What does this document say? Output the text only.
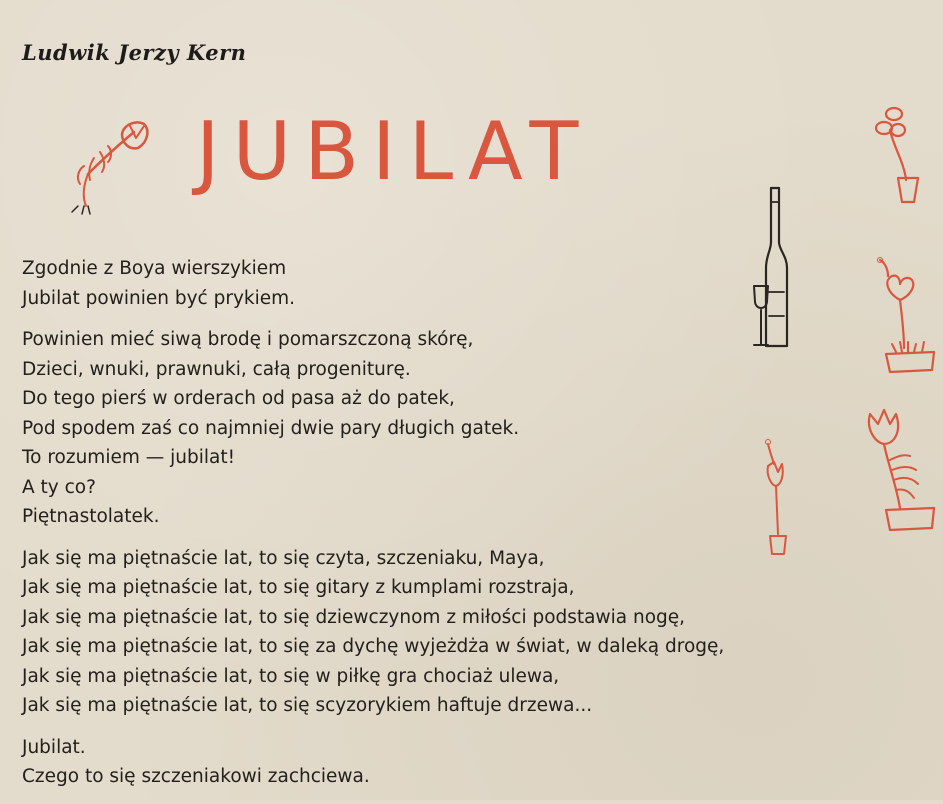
Ludwik Jerzy Kern
JUBILAT
Zgodnie z Boya wierszykiem
Jubilat powinien być prykiem.
Powinien mieć siwą brodę i pomarszczoną skórę,
Dzieci, wnuki, prawnuki, całą progeniturę.
Do tego pierś w orderach od pasa aż do patek,
Pod spodem zaś co najmniej dwie pary długich gatek.
To rozumiem — jubilat!
A ty co?
Piętnastolatek.
Jak się ma piętnaście lat, to się czyta, szczeniaku, Maya,
Jak się ma piętnaście lat, to się gitary z kumplami rozstraja,
Jak się ma piętnaście lat, to się dziewczynom z miłości podstawia nogę,
Jak się ma piętnaście lat, to się za dychę wyjeżdża w świat, w daleką drogę,
Jak się ma piętnaście lat, to się w piłkę gra chociaż ulewa,
Jak się ma piętnaście lat, to się scyzorykiem haftuje drzewa...
Jubilat.
Czego to się szczeniakowi zachciewa.
